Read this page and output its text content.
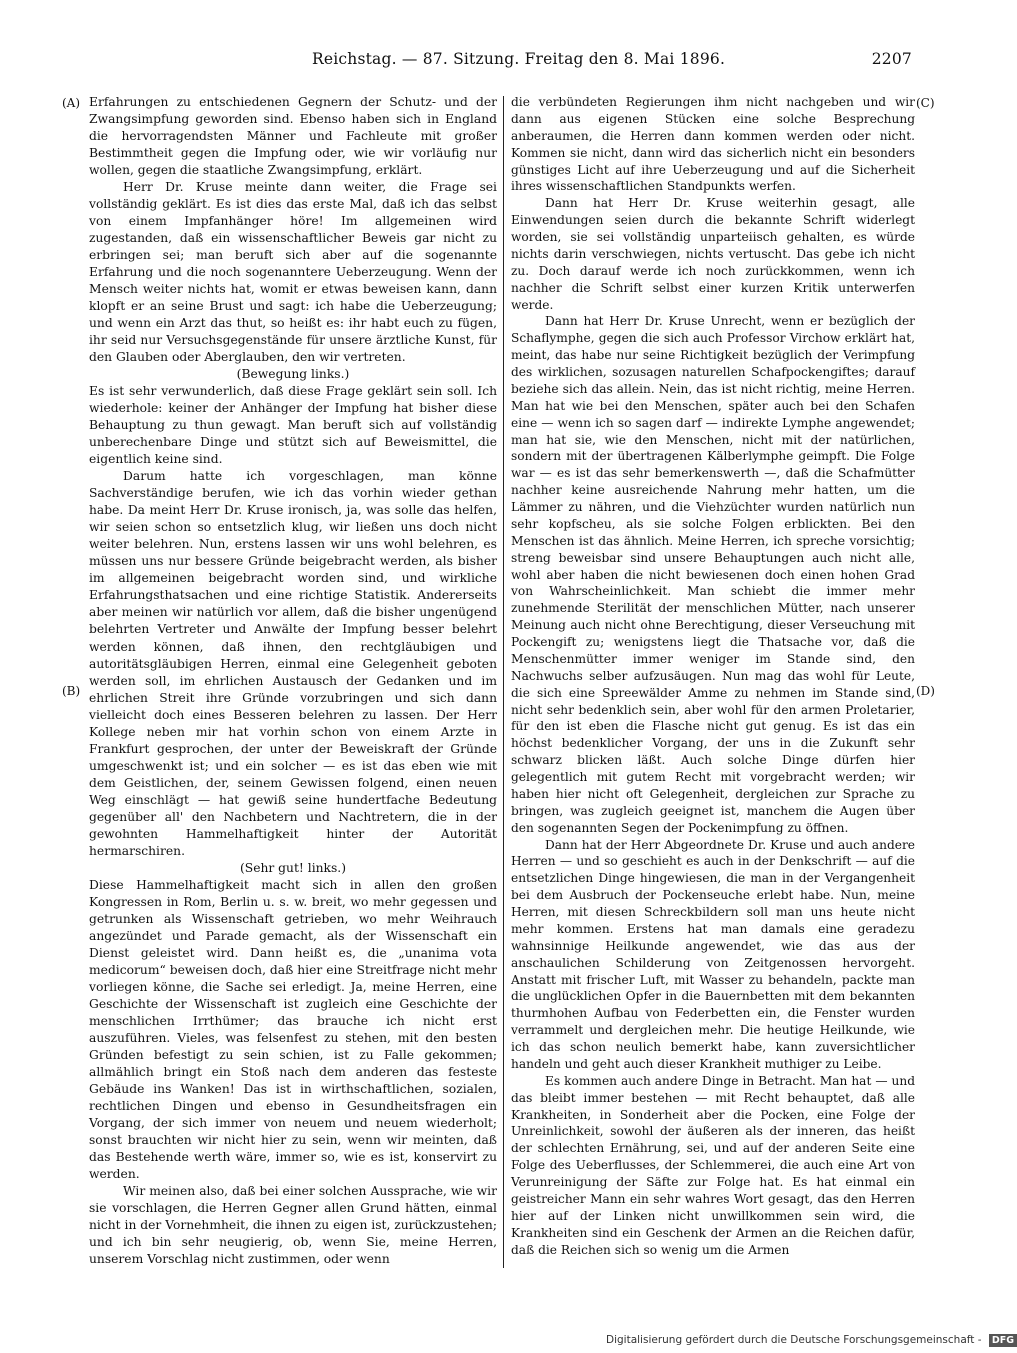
Reichstag. — 87. Sitzung. Freitag den 8. Mai 1896.	2207
(A)
(B)
(C)
(D)

Erfahrungen zu entschiedenen Gegnern der Schutz- und der Zwangsimpfung geworden sind. Ebenso haben sich in England die hervorragendsten Männer und Fachleute mit großer Bestimmtheit gegen die Impfung oder, wie wir vorläufig nur wollen, gegen die staatliche Zwangsimpfung, erklärt.

Herr Dr. Kruse meinte dann weiter, die Frage sei vollständig geklärt. Es ist dies das erste Mal, daß ich das selbst von einem Impfanhänger höre! Im allgemeinen wird zugestanden, daß ein wissenschaftlicher Beweis gar nicht zu erbringen sei; man beruft sich aber auf die sogenannte Erfahrung und die noch sogenanntere Ueberzeugung. Wenn der Mensch weiter nichts hat, womit er etwas beweisen kann, dann klopft er an seine Brust und sagt: ich habe die Ueberzeugung; und wenn ein Arzt das thut, so heißt es: ihr habt euch zu fügen, ihr seid nur Versuchsgegenstände für unsere ärztliche Kunst, für den Glauben oder Aberglauben, den wir vertreten.

(Bewegung links.)

Es ist sehr verwunderlich, daß diese Frage geklärt sein soll. Ich wiederhole: keiner der Anhänger der Impfung hat bisher diese Behauptung zu thun gewagt. Man beruft sich auf vollständig unberechenbare Dinge und stützt sich auf Beweismittel, die eigentlich keine sind.

Darum hatte ich vorgeschlagen, man könne Sachverständige berufen, wie ich das vorhin wieder gethan habe. Da meint Herr Dr. Kruse ironisch, ja, was solle das helfen, wir seien schon so entsetzlich klug, wir ließen uns doch nicht weiter belehren. Nun, erstens lassen wir uns wohl belehren, es müssen uns nur bessere Gründe beigebracht werden, als bisher im allgemeinen beigebracht worden sind, und wirkliche Erfahrungsthatsachen und eine richtige Statistik. Andererseits aber meinen wir natürlich vor allem, daß die bisher ungenügend belehrten Vertreter und Anwälte der Impfung besser belehrt werden können, daß ihnen, den rechtgläubigen und autoritätsgläubigen Herren, einmal eine Gelegenheit geboten werden soll, im ehrlichen Austausch der Gedanken und im ehrlichen Streit ihre Gründe vorzubringen und sich dann vielleicht doch eines Besseren belehren zu lassen. Der Herr Kollege neben mir hat vorhin schon von einem Arzte in Frankfurt gesprochen, der unter der Beweiskraft der Gründe umgeschwenkt ist; und ein solcher — es ist das eben wie mit dem Geistlichen, der, seinem Gewissen folgend, einen neuen Weg einschlägt — hat gewiß seine hundertfache Bedeutung gegenüber all' den Nachbetern und Nachtretern, die in der gewohnten Hammelhaftigkeit hinter der Autorität hermarschiren.

(Sehr gut! links.)

Diese Hammelhaftigkeit macht sich in allen den großen Kongressen in Rom, Berlin u. s. w. breit, wo mehr gegessen und getrunken als Wissenschaft getrieben, wo mehr Weihrauch angezündet und Parade gemacht, als der Wissenschaft ein Dienst geleistet wird. Dann heißt es, die „unanima vota medicorum“ beweisen doch, daß hier eine Streitfrage nicht mehr vorliegen könne, die Sache sei erledigt. Ja, meine Herren, eine Geschichte der Wissenschaft ist zugleich eine Geschichte der menschlichen Irrthümer; das brauche ich nicht erst auszuführen. Vieles, was felsenfest zu stehen, mit den besten Gründen befestigt zu sein schien, ist zu Falle gekommen; allmählich bringt ein Stoß nach dem anderen das festeste Gebäude ins Wanken! Das ist in wirthschaftlichen, sozialen, rechtlichen Dingen und ebenso in Gesundheitsfragen ein Vorgang, der sich immer von neuem und neuem wiederholt; sonst brauchten wir nicht hier zu sein, wenn wir meinten, daß das Bestehende werth wäre, immer so, wie es ist, konservirt zu werden.

Wir meinen also, daß bei einer solchen Aussprache, wie wir sie vorschlagen, die Herren Gegner allen Grund hätten, einmal nicht in der Vornehmheit, die ihnen zu eigen ist, zurückzustehen; und ich bin sehr neugierig, ob, wenn Sie, meine Herren, unserem Vorschlag nicht zustimmen, oder wenn

die verbündeten Regierungen ihm nicht nachgeben und wir dann aus eigenen Stücken eine solche Besprechung anberaumen, die Herren dann kommen werden oder nicht. Kommen sie nicht, dann wird das sicherlich nicht ein besonders günstiges Licht auf ihre Ueberzeugung und auf die Sicherheit ihres wissenschaftlichen Standpunkts werfen.

Dann hat Herr Dr. Kruse weiterhin gesagt, alle Einwendungen seien durch die bekannte Schrift widerlegt worden, sie sei vollständig unparteiisch gehalten, es würde nichts darin verschwiegen, nichts vertuscht. Das gebe ich nicht zu. Doch darauf werde ich noch zurückkommen, wenn ich nachher die Schrift selbst einer kurzen Kritik unterwerfen werde.

Dann hat Herr Dr. Kruse Unrecht, wenn er bezüglich der Schaflymphe, gegen die sich auch Professor Virchow erklärt hat, meint, das habe nur seine Richtigkeit bezüglich der Verimpfung des wirklichen, sozusagen naturellen Schafpockengiftes; darauf beziehe sich das allein. Nein, das ist nicht richtig, meine Herren. Man hat wie bei den Menschen, später auch bei den Schafen eine — wenn ich so sagen darf — indirekte Lymphe angewendet; man hat sie, wie den Menschen, nicht mit der natürlichen, sondern mit der übertragenen Kälberlymphe geimpft. Die Folge war — es ist das sehr bemerkenswerth —, daß die Schafmütter nachher keine ausreichende Nahrung mehr hatten, um die Lämmer zu nähren, und die Viehzüchter wurden natürlich nun sehr kopfscheu, als sie solche Folgen erblickten. Bei den Menschen ist das ähnlich. Meine Herren, ich spreche vorsichtig; streng beweisbar sind unsere Behauptungen auch nicht alle, wohl aber haben die nicht bewiesenen doch einen hohen Grad von Wahrscheinlichkeit. Man schiebt die immer mehr zunehmende Sterilität der menschlichen Mütter, nach unserer Meinung auch nicht ohne Berechtigung, dieser Verseuchung mit Pockengift zu; wenigstens liegt die Thatsache vor, daß die Menschenmütter immer weniger im Stande sind, den Nachwuchs selber aufzusäugen. Nun mag das wohl für Leute, die sich eine Spreewälder Amme zu nehmen im Stande sind, nicht sehr bedenklich sein, aber wohl für den armen Proletarier, für den ist eben die Flasche nicht gut genug. Es ist das ein höchst bedenklicher Vorgang, der uns in die Zukunft sehr schwarz blicken läßt. Auch solche Dinge dürfen hier gelegentlich mit gutem Recht mit vorgebracht werden; wir haben hier nicht oft Gelegenheit, dergleichen zur Sprache zu bringen, was zugleich geeignet ist, manchem die Augen über den sogenannten Segen der Pockenimpfung zu öffnen.

Dann hat der Herr Abgeordnete Dr. Kruse und auch andere Herren — und so geschieht es auch in der Denkschrift — auf die entsetzlichen Dinge hingewiesen, die man in der Vergangenheit bei dem Ausbruch der Pockenseuche erlebt habe. Nun, meine Herren, mit diesen Schreckbildern soll man uns heute nicht mehr kommen. Erstens hat man damals eine geradezu wahnsinnige Heilkunde angewendet, wie das aus der anschaulichen Schilderung von Zeitgenossen hervorgeht. Anstatt mit frischer Luft, mit Wasser zu behandeln, packte man die unglücklichen Opfer in die Bauernbetten mit dem bekannten thurmhohen Aufbau von Federbetten ein, die Fenster wurden verrammelt und dergleichen mehr. Die heutige Heilkunde, wie ich das schon neulich bemerkt habe, kann zuversichtlicher handeln und geht auch dieser Krankheit muthiger zu Leibe.

Es kommen auch andere Dinge in Betracht. Man hat — und das bleibt immer bestehen — mit Recht behauptet, daß alle Krankheiten, in Sonderheit aber die Pocken, eine Folge der Unreinlichkeit, sowohl der äußeren als der inneren, das heißt der schlechten Ernährung, sei, und auf der anderen Seite eine Folge des Ueberflusses, der Schlemmerei, die auch eine Art von Verunreinigung der Säfte zur Folge hat. Es hat einmal ein geistreicher Mann ein sehr wahres Wort gesagt, das den Herren hier auf der Linken nicht unwillkommen sein wird, die Krankheiten sind ein Geschenk der Armen an die Reichen dafür, daß die Reichen sich so wenig um die Armen

Digitalisierung gefördert durch die Deutsche Forschungsgemeinschaft - DFG
